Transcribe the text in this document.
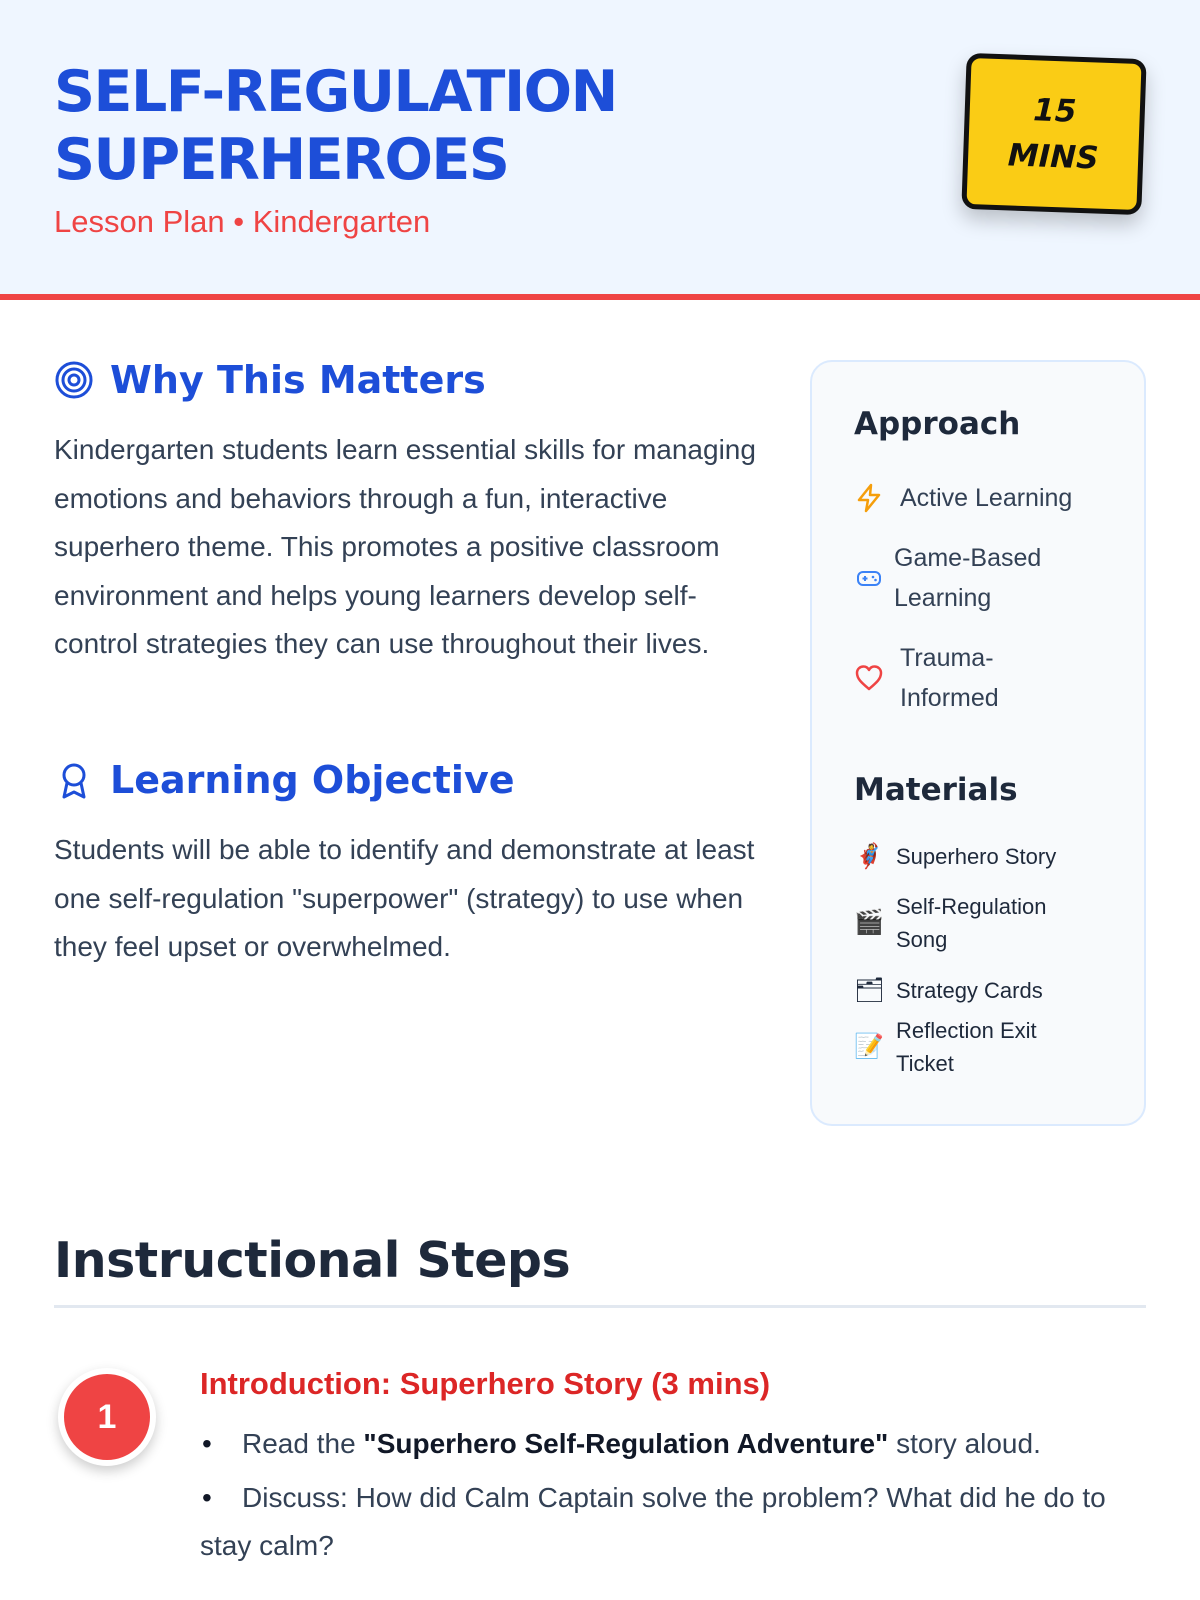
SELF-REGULATION
SUPERHEROES
Lesson Plan • Kindergarten
15
MINS
Why This Matters
Kindergarten students learn essential skills for managing emotions and behaviors through a fun, interactive superhero theme. This promotes a positive classroom environment and helps young learners develop self-control strategies they can use throughout their lives.
Learning Objective
Students will be able to identify and demonstrate at least one self-regulation "superpower" (strategy) to use when they feel upset or overwhelmed.
Approach
Active Learning
Game-Based Learning
Trauma-Informed
Materials
🦸 Superhero Story
🎬
Self-Regulation Song
🗂 Strategy Cards
📝
Reflection Exit Ticket
Instructional Steps
1
Introduction: Superhero Story (3 mins)
• Read the "Superhero Self-Regulation Adventure" story aloud.
• Discuss: How did Calm Captain solve the problem? What did he do to stay calm?
